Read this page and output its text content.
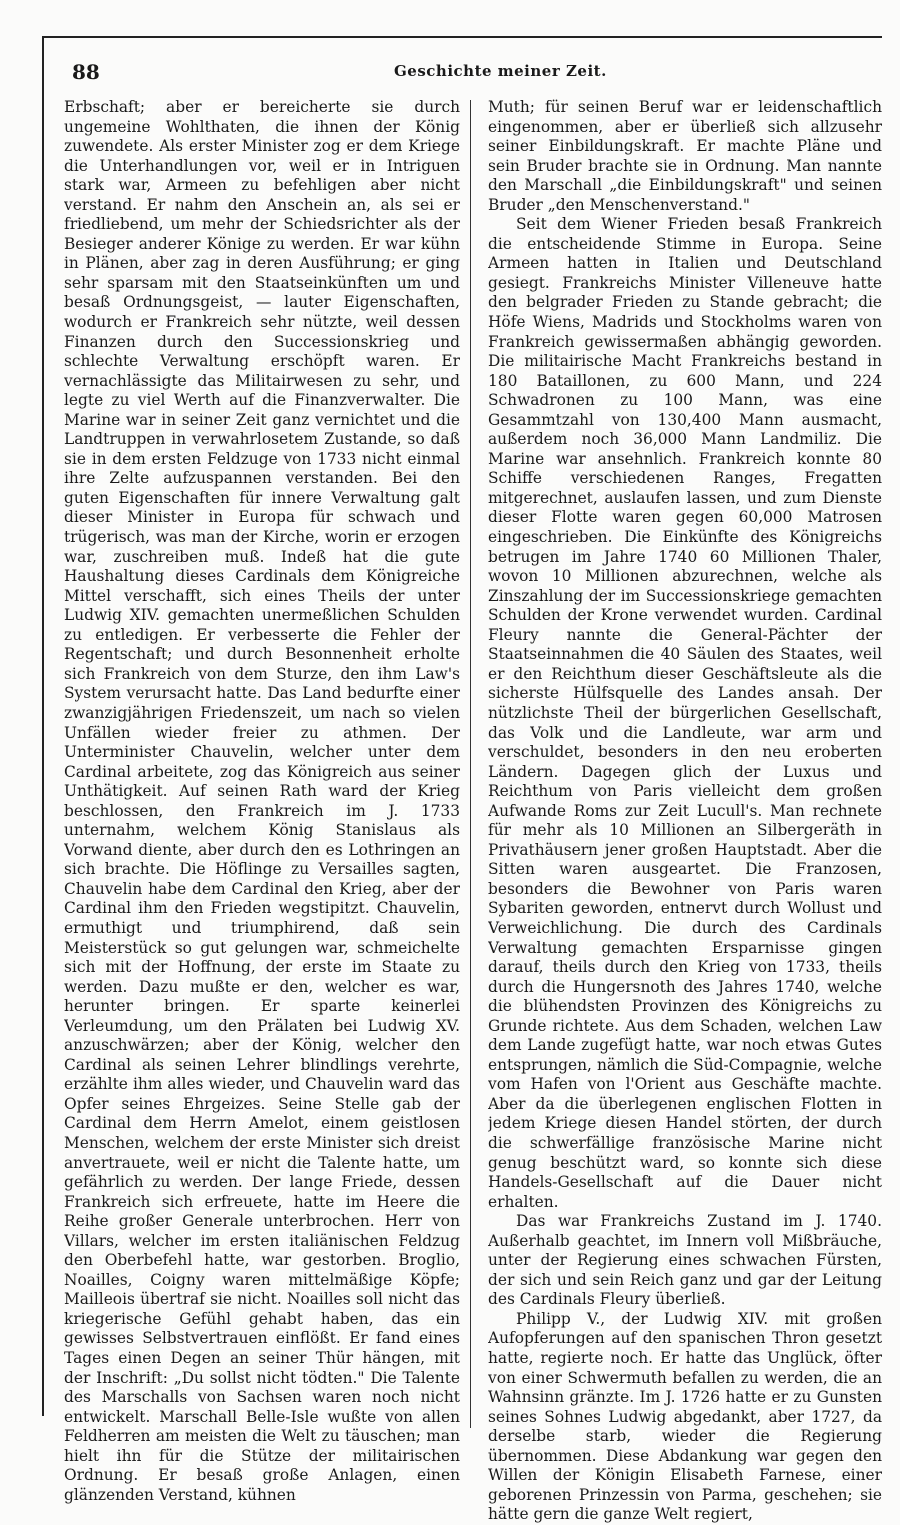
88	Geschichte meiner Zeit.

Erbschaft; aber er bereicherte sie durch ungemeine Wohlthaten, die ihnen der König zuwendete. Als erster Minister zog er dem Kriege die Unterhandlungen vor, weil er in Intriguen stark war, Armeen zu befehligen aber nicht verstand. Er nahm den Anschein an, als sei er friedliebend, um mehr der Schiedsrichter als der Besieger anderer Könige zu werden. Er war kühn in Plänen, aber zag in deren Ausführung; er ging sehr sparsam mit den Staatseinkünften um und besaß Ordnungsgeist, — lauter Eigenschaften, wodurch er Frankreich sehr nützte, weil dessen Finanzen durch den Successionskrieg und schlechte Verwaltung erschöpft waren. Er vernachlässigte das Militairwesen zu sehr, und legte zu viel Werth auf die Finanzverwalter. Die Marine war in seiner Zeit ganz vernichtet und die Landtruppen in verwahrlosetem Zustande, so daß sie in dem ersten Feldzuge von 1733 nicht einmal ihre Zelte aufzuspannen verstanden. Bei den guten Eigenschaften für innere Verwaltung galt dieser Minister in Europa für schwach und trügerisch, was man der Kirche, worin er erzogen war, zuschreiben muß. Indeß hat die gute Haushaltung dieses Cardinals dem Königreiche Mittel verschafft, sich eines Theils der unter Ludwig XIV. gemachten unermeßlichen Schulden zu entledigen. Er verbesserte die Fehler der Regentschaft; und durch Besonnenheit erholte sich Frankreich von dem Sturze, den ihm Law's System verursacht hatte. Das Land bedurfte einer zwanzigjährigen Friedenszeit, um nach so vielen Unfällen wieder freier zu athmen. Der Unterminister Chauvelin, welcher unter dem Cardinal arbeitete, zog das Königreich aus seiner Unthätigkeit. Auf seinen Rath ward der Krieg beschlossen, den Frankreich im J. 1733 unternahm, welchem König Stanislaus als Vorwand diente, aber durch den es Lothringen an sich brachte. Die Höflinge zu Versailles sagten, Chauvelin habe dem Cardinal den Krieg, aber der Cardinal ihm den Frieden wegstipitzt. Chauvelin, ermuthigt und triumphirend, daß sein Meisterstück so gut gelungen war, schmeichelte sich mit der Hoffnung, der erste im Staate zu werden. Dazu mußte er den, welcher es war, herunter bringen. Er sparte keinerlei Verleumdung, um den Prälaten bei Ludwig XV. anzuschwärzen; aber der König, welcher den Cardinal als seinen Lehrer blindlings verehrte, erzählte ihm alles wieder, und Chauvelin ward das Opfer seines Ehrgeizes. Seine Stelle gab der Cardinal dem Herrn Amelot, einem geistlosen Menschen, welchem der erste Minister sich dreist anvertrauete, weil er nicht die Talente hatte, um gefährlich zu werden. Der lange Friede, dessen Frankreich sich erfreuete, hatte im Heere die Reihe großer Generale unterbrochen. Herr von Villars, welcher im ersten italiänischen Feldzug den Oberbefehl hatte, war gestorben. Broglio, Noailles, Coigny waren mittelmäßige Köpfe; Mailleois übertraf sie nicht. Noailles soll nicht das kriegerische Gefühl gehabt haben, das ein gewisses Selbstvertrauen einflößt. Er fand eines Tages einen Degen an seiner Thür hängen, mit der Inschrift: „Du sollst nicht tödten." Die Talente des Marschalls von Sachsen waren noch nicht entwickelt. Marschall Belle-Isle wußte von allen Feldherren am meisten die Welt zu täuschen; man hielt ihn für die Stütze der militairischen Ordnung. Er besaß große Anlagen, einen glänzenden Verstand, kühnen

Muth; für seinen Beruf war er leidenschaftlich eingenommen, aber er überließ sich allzusehr seiner Einbildungskraft. Er machte Pläne und sein Bruder brachte sie in Ordnung. Man nannte den Marschall „die Einbildungskraft" und seinen Bruder „den Menschenverstand."

Seit dem Wiener Frieden besaß Frankreich die entscheidende Stimme in Europa. Seine Armeen hatten in Italien und Deutschland gesiegt. Frankreichs Minister Villeneuve hatte den belgrader Frieden zu Stande gebracht; die Höfe Wiens, Madrids und Stockholms waren von Frankreich gewissermaßen abhängig geworden. Die militairische Macht Frankreichs bestand in 180 Bataillonen, zu 600 Mann, und 224 Schwadronen zu 100 Mann, was eine Gesammtzahl von 130,400 Mann ausmacht, außerdem noch 36,000 Mann Landmiliz. Die Marine war ansehnlich. Frankreich konnte 80 Schiffe verschiedenen Ranges, Fregatten mitgerechnet, auslaufen lassen, und zum Dienste dieser Flotte waren gegen 60,000 Matrosen eingeschrieben. Die Einkünfte des Königreichs betrugen im Jahre 1740 60 Millionen Thaler, wovon 10 Millionen abzurechnen, welche als Zinszahlung der im Successionskriege gemachten Schulden der Krone verwendet wurden. Cardinal Fleury nannte die General-Pächter der Staatseinnahmen die 40 Säulen des Staates, weil er den Reichthum dieser Geschäftsleute als die sicherste Hülfsquelle des Landes ansah. Der nützlichste Theil der bürgerlichen Gesellschaft, das Volk und die Landleute, war arm und verschuldet, besonders in den neu eroberten Ländern. Dagegen glich der Luxus und Reichthum von Paris vielleicht dem großen Aufwande Roms zur Zeit Lucull's. Man rechnete für mehr als 10 Millionen an Silbergeräth in Privathäusern jener großen Hauptstadt. Aber die Sitten waren ausgeartet. Die Franzosen, besonders die Bewohner von Paris waren Sybariten geworden, entnervt durch Wollust und Verweichlichung. Die durch des Cardinals Verwaltung gemachten Ersparnisse gingen darauf, theils durch den Krieg von 1733, theils durch die Hungersnoth des Jahres 1740, welche die blühendsten Provinzen des Königreichs zu Grunde richtete. Aus dem Schaden, welchen Law dem Lande zugefügt hatte, war noch etwas Gutes entsprungen, nämlich die Süd-Compagnie, welche vom Hafen von l'Orient aus Geschäfte machte. Aber da die überlegenen englischen Flotten in jedem Kriege diesen Handel störten, der durch die schwerfällige französische Marine nicht genug beschützt ward, so konnte sich diese Handels-Gesellschaft auf die Dauer nicht erhalten.

Das war Frankreichs Zustand im J. 1740. Außerhalb geachtet, im Innern voll Mißbräuche, unter der Regierung eines schwachen Fürsten, der sich und sein Reich ganz und gar der Leitung des Cardinals Fleury überließ.

Philipp V., der Ludwig XIV. mit großen Aufopferungen auf den spanischen Thron gesetzt hatte, regierte noch. Er hatte das Unglück, öfter von einer Schwermuth befallen zu werden, die an Wahnsinn gränzte. Im J. 1726 hatte er zu Gunsten seines Sohnes Ludwig abgedankt, aber 1727, da derselbe starb, wieder die Regierung übernommen. Diese Abdankung war gegen den Willen der Königin Elisabeth Farnese, einer geborenen Prinzessin von Parma, geschehen; sie hätte gern die ganze Welt regiert,
